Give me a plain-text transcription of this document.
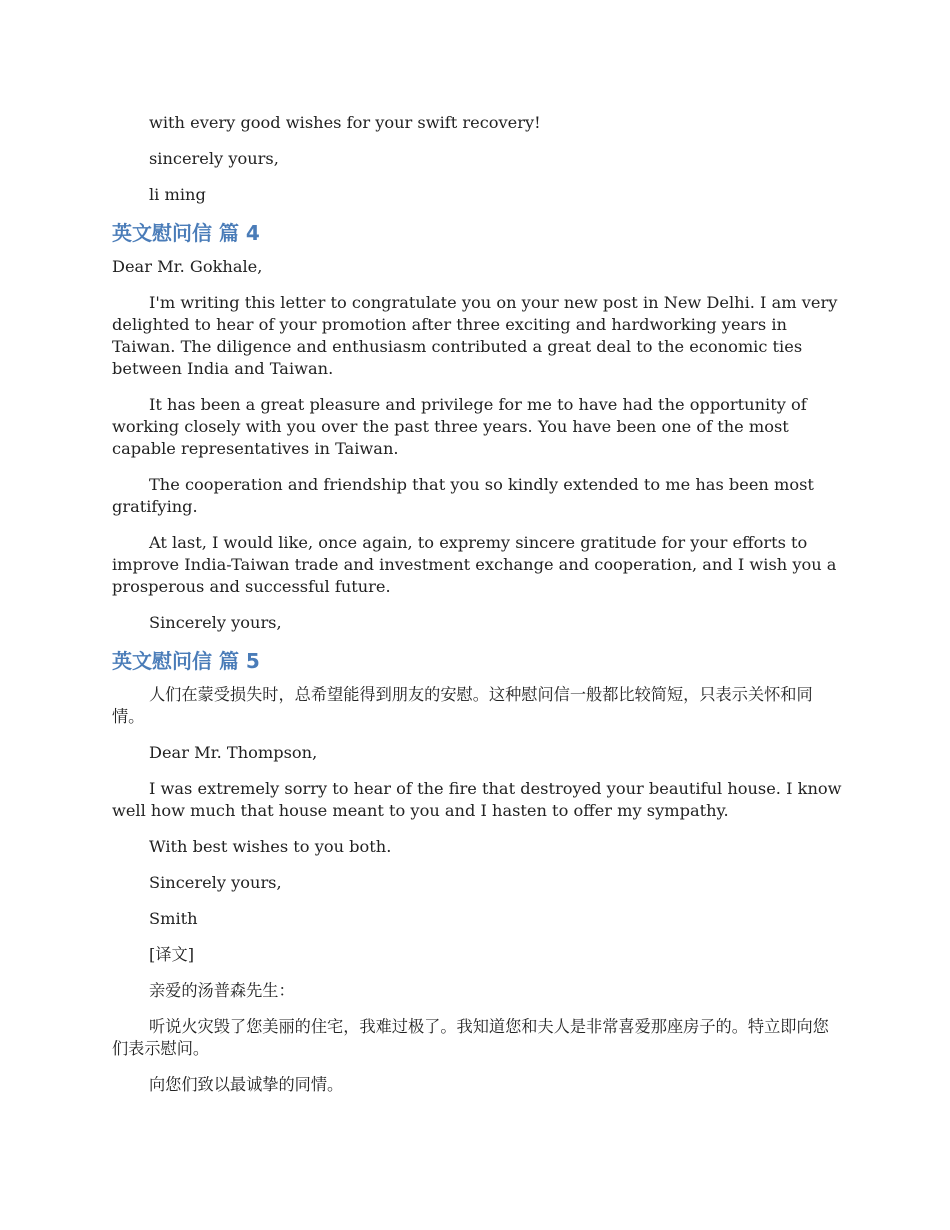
with every good wishes for your swift recovery!

sincerely yours,

li ming

英文慰问信 篇 4

Dear Mr. Gokhale,

I'm writing this letter to congratulate you on your new post in New Delhi. I am very delighted to hear of your promotion after three exciting and hardworking years in Taiwan. The diligence and enthusiasm contributed a great deal to the economic ties between India and Taiwan.

It has been a great pleasure and privilege for me to have had the opportunity of working closely with you over the past three years. You have been one of the most capable representatives in Taiwan.

The cooperation and friendship that you so kindly extended to me has been most gratifying.

At last, I would like, once again, to expremy sincere gratitude for your efforts to improve India-Taiwan trade and investment exchange and cooperation, and I wish you a prosperous and successful future.

Sincerely yours,

英文慰问信 篇 5

人们在蒙受损失时，总希望能得到朋友的安慰。这种慰问信一般都比较简短，只表示关怀和同情。

Dear Mr. Thompson,

I was extremely sorry to hear of the fire that destroyed your beautiful house. I know well how much that house meant to you and I hasten to offer my sympathy.

With best wishes to you both.

Sincerely yours,

Smith

[译文]

亲爱的汤普森先生：

听说火灾毁了您美丽的住宅，我难过极了。我知道您和夫人是非常喜爱那座房子的。特立即向您们表示慰问。

向您们致以最诚挚的同情。
